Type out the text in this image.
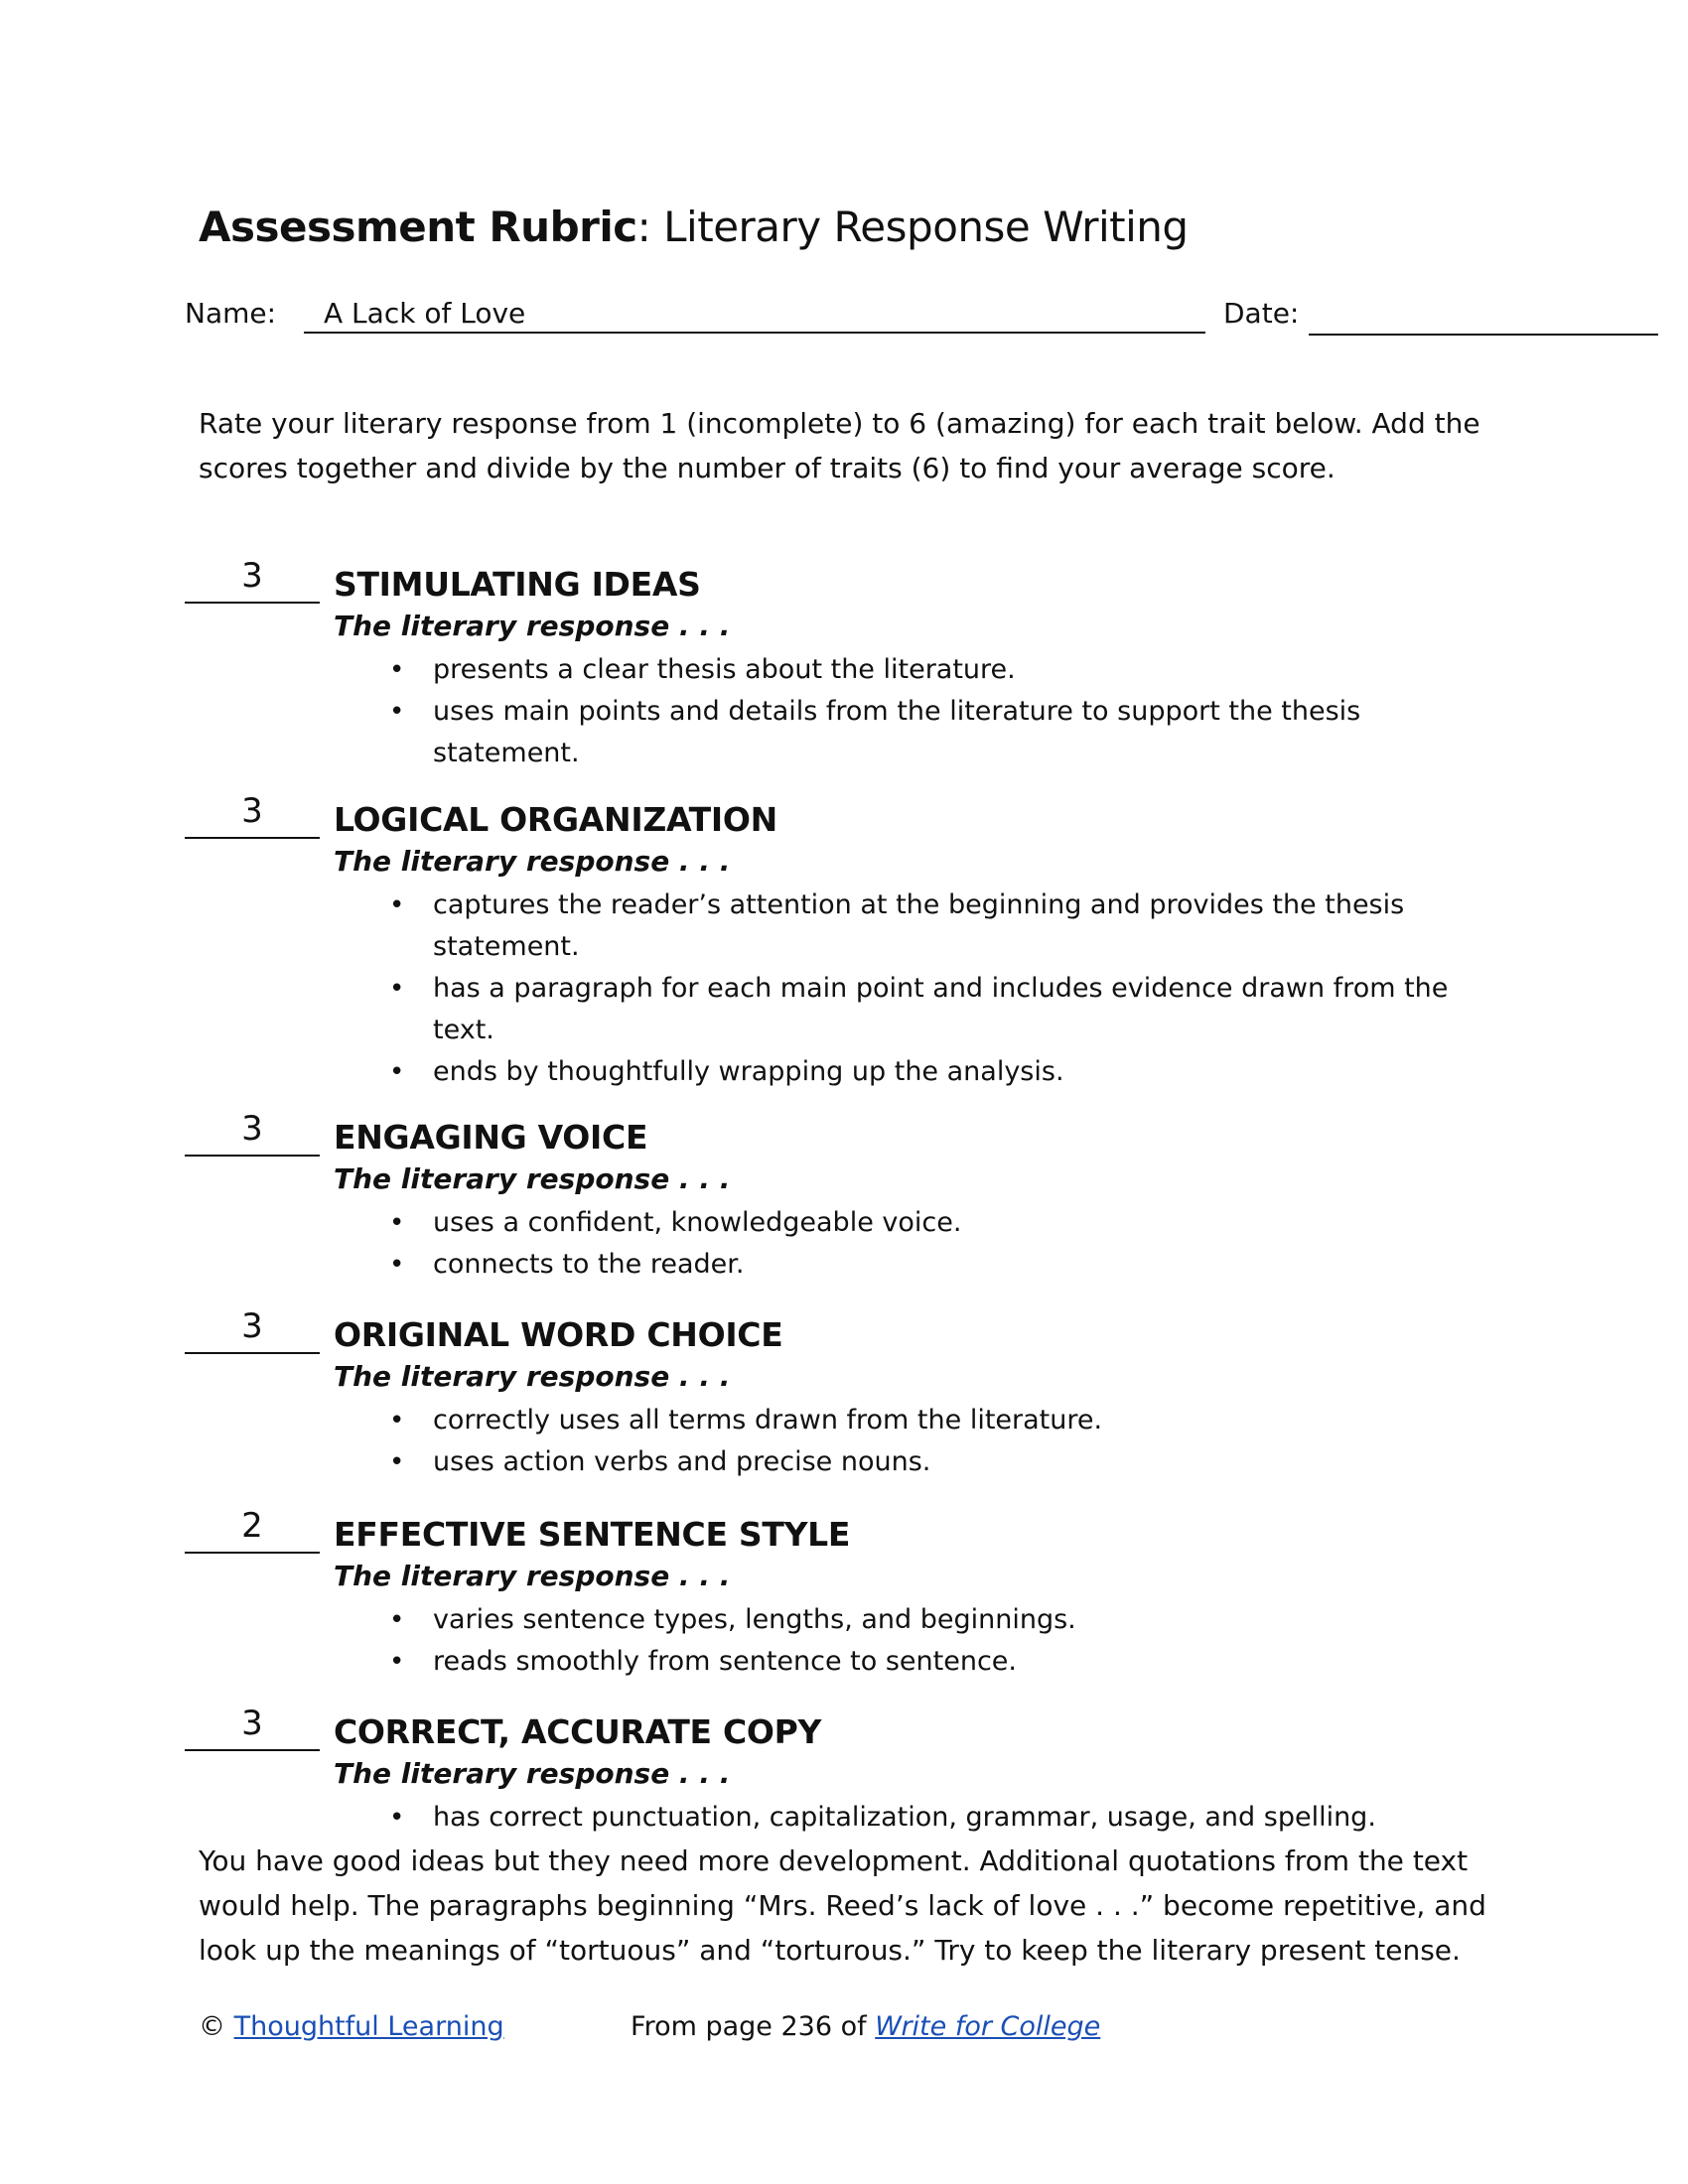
Assessment Rubric: Literary Response Writing
Name:	A Lack of Love	Date:

Rate your literary response from 1 (incomplete) to 6 (amazing) for each trait below. Add the

scores together and divide by the number of traits (6) to find your average score.

3	STIMULATING IDEAS
The literary response . . .
• presents a clear thesis about the literature.
• uses main points and details from the literature to support the thesis statement.
3	LOGICAL ORGANIZATION
The literary response . . .
• captures the reader’s attention at the beginning and provides the thesis statement.
• has a paragraph for each main point and includes evidence drawn from the text.
• ends by thoughtfully wrapping up the analysis.
3	ENGAGING VOICE
The literary response . . .
• uses a confident, knowledgeable voice.
• connects to the reader.
3	ORIGINAL WORD CHOICE
The literary response . . .
• correctly uses all terms drawn from the literature.
• uses action verbs and precise nouns.
2	EFFECTIVE SENTENCE STYLE
The literary response . . .
• varies sentence types, lengths, and beginnings.
• reads smoothly from sentence to sentence.
3	CORRECT, ACCURATE COPY
The literary response . . .
• has correct punctuation, capitalization, grammar, usage, and spelling.

You have good ideas but they need more development. Additional quotations from the text

would help. The paragraphs beginning “Mrs. Reed’s lack of love . . .” become repetitive, and

look up the meanings of “tortuous” and “torturous.” Try to keep the literary present tense.

© Thoughtful Learning	From page 236 of Write for College
